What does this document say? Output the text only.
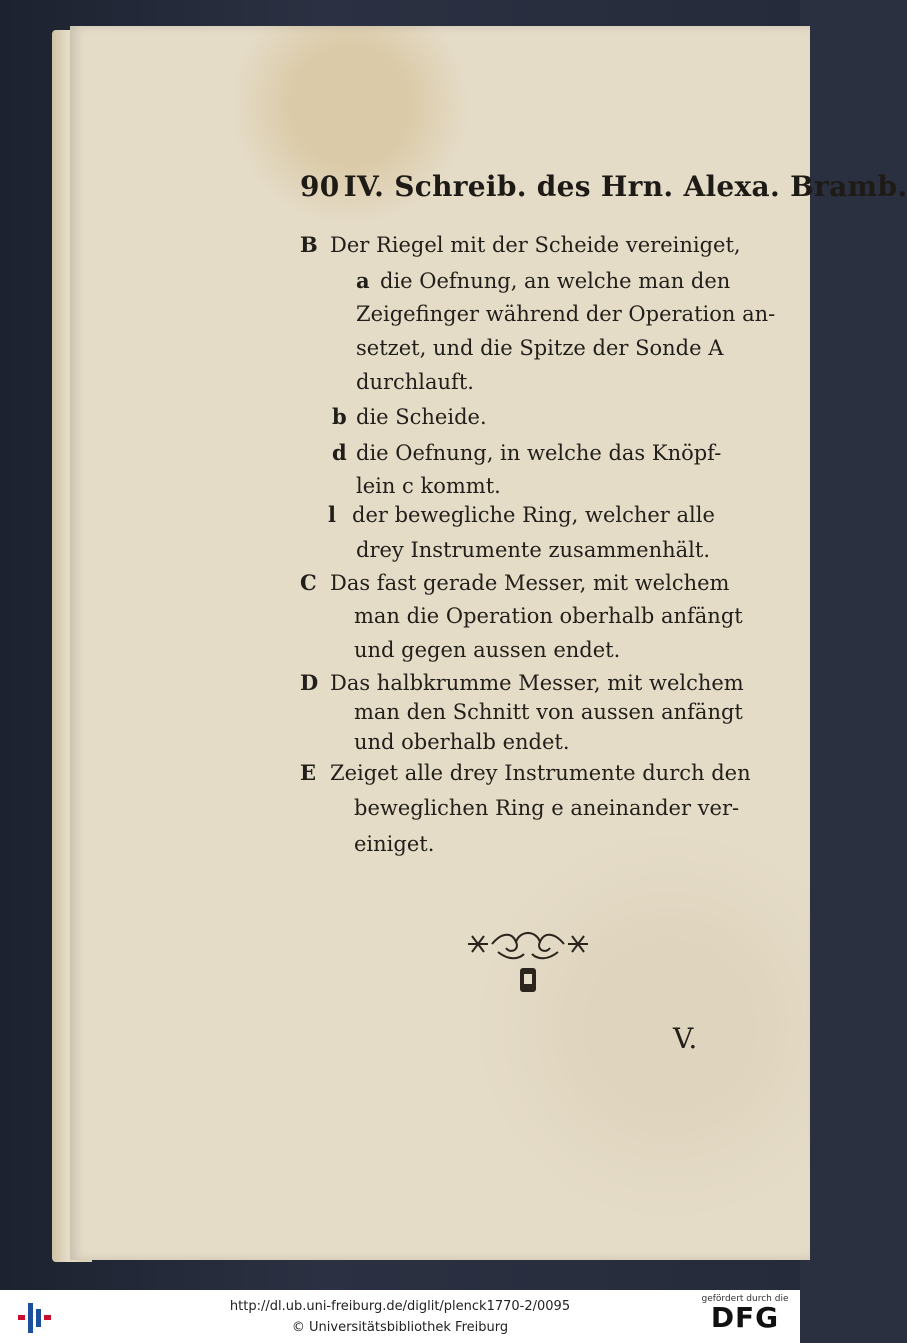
90 IV. Schreib. des Hrn. Alexa. Bramb.
B Der Riegel mit der Scheide vereiniget,
a die Oefnung, an welche man den
Zeigefinger während der Operation an-
setzet, und die Spitze der Sonde A
durchlauft.
b die Scheide.
d die Oefnung, in welche das Knöpf-
lein c kommt.
l der bewegliche Ring, welcher alle
drey Instrumente zusammenhält.
C Das fast gerade Messer, mit welchem
man die Operation oberhalb anfängt
und gegen aussen endet.
D Das halbkrumme Messer, mit welchem
man den Schnitt von aussen anfängt
und oberhalb endet.
E Zeiget alle drey Instrumente durch den
beweglichen Ring e aneinander ver-
einiget.
V.
http://dl.ub.uni-freiburg.de/diglit/plenck1770-2/0095
© Universitätsbibliothek Freiburg
gefördert durch die
DFG
